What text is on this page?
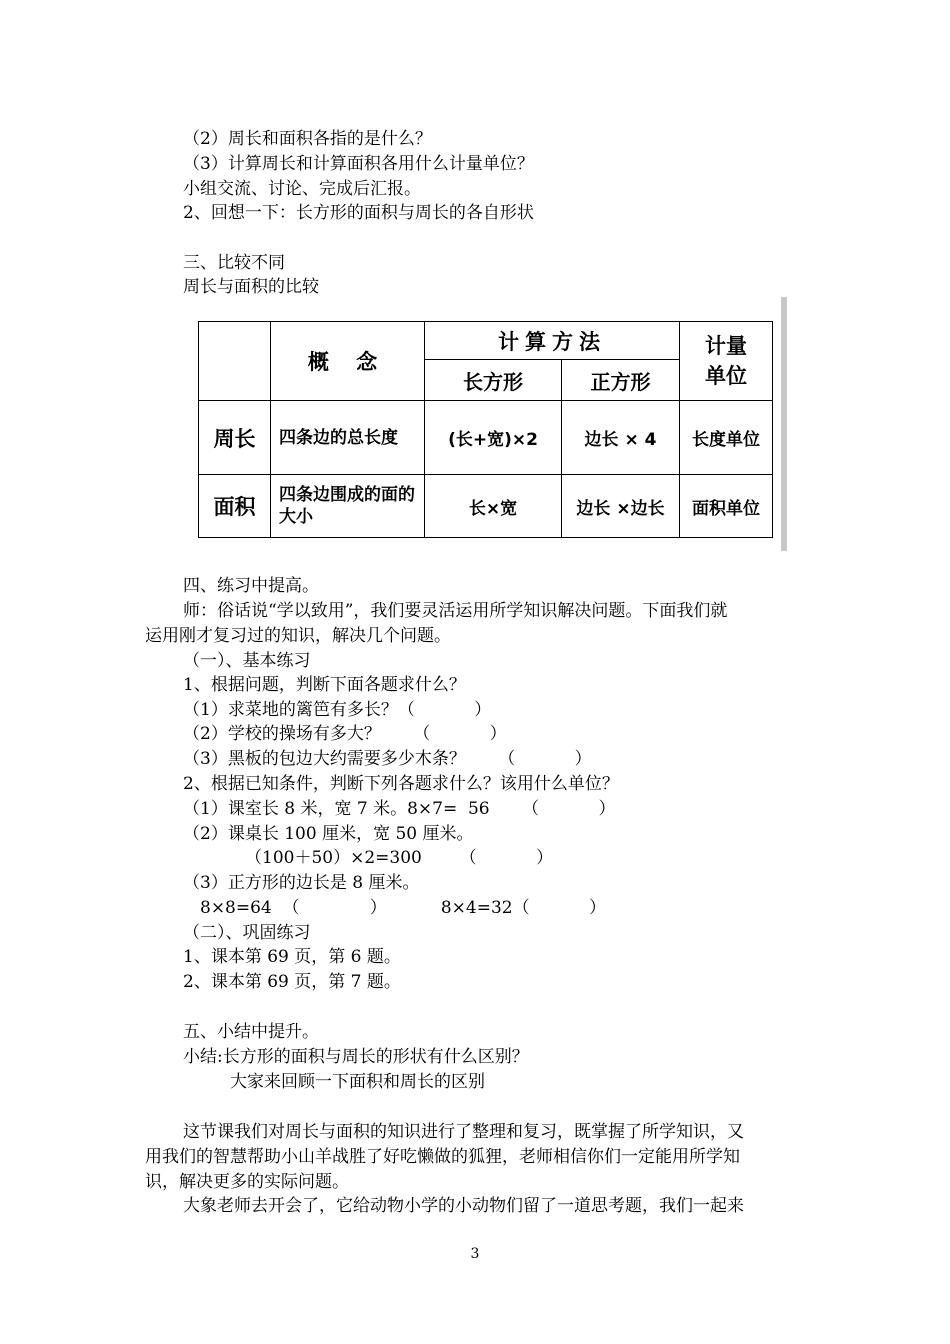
（2）周长和面积各指的是什么？
（3）计算周长和计算面积各用什么计量单位？
小组交流、讨论、完成后汇报。
2、回想一下：长方形的面积与周长的各自形状
三、比较不同
周长与面积的比较
	概 念	计算方法		计量
单位

		长方形	正方形	
周长	四条边的总长度	(长+宽)×2	边长 × 4	长度单位
面积	四条边围成的面的大小	长×宽	边长 ×边长	面积单位
四、练习中提高。
师：俗话说“学以致用”，我们要灵活运用所学知识解决问题。下面我们就
运用刚才复习过的知识，解决几个问题。
（一）、基本练习
1、根据问题，判断下面各题求什么？
（1）求菜地的篱笆有多长？（           ）
（2）学校的操场有多大？      （           ）
（3）黑板的包边大约需要多少木条？      （           ）
2、根据已知条件，判断下列各题求什么？该用什么单位？
（1）课室长 8 米，宽 7 米。8×7=  56      （           ）
（2）课桌长 100 厘米，宽 50 厘米。
（100＋50）×2=300       （           ）
（3）正方形的边长是 8 厘米。
8×8=64  （             ）          8×4=32（           ）
（二）、巩固练习
1、课本第 69 页，第 6 题。
2、课本第 69 页，第 7 题。
五、小结中提升。
小结:长方形的面积与周长的形状有什么区别？
大家来回顾一下面积和周长的区别
这节课我们对周长与面积的知识进行了整理和复习，既掌握了所学知识，又
用我们的智慧帮助小山羊战胜了好吃懒做的狐狸，老师相信你们一定能用所学知
识，解决更多的实际问题。
大象老师去开会了，它给动物小学的小动物们留了一道思考题，我们一起来
3
